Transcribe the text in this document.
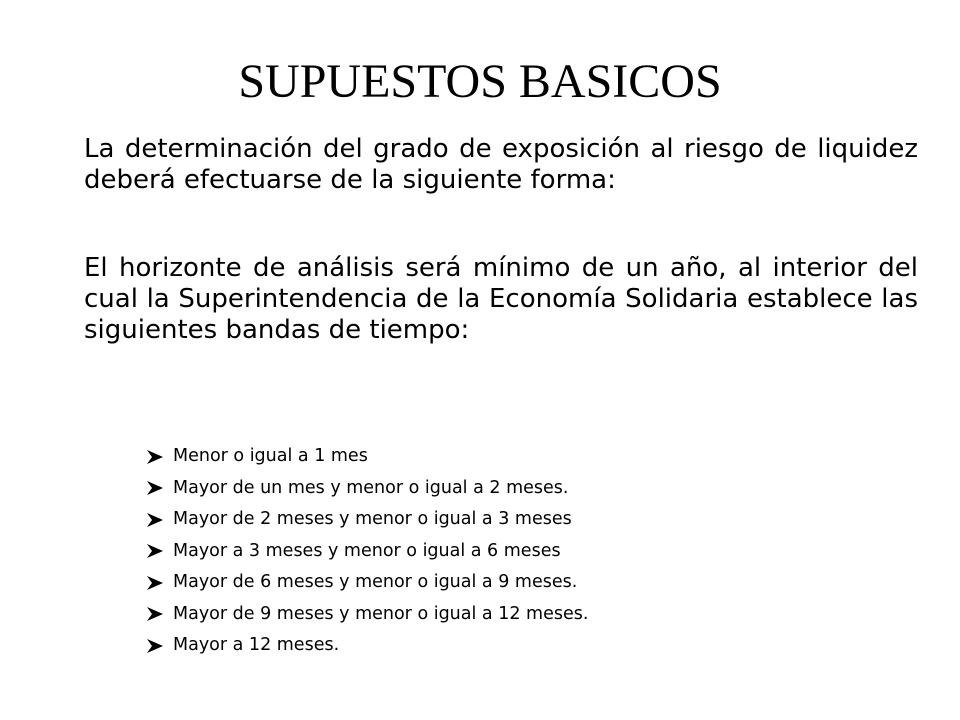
SUPUESTOS BASICOS

La determinación del grado de exposición al riesgo de liquidez deberá efectuarse de la siguiente forma:

El horizonte de análisis será mínimo de un año, al interior del cual la Superintendencia de la Economía Solidaria establece las siguientes bandas de tiempo:

Menor o igual a 1 mes
Mayor de un mes y menor o igual a 2 meses.
Mayor de 2 meses y menor o igual a 3 meses
Mayor a 3 meses y menor o igual a 6 meses
Mayor de 6 meses y menor o igual a 9 meses.
Mayor de 9 meses y menor o igual a 12 meses.
Mayor a 12 meses.
